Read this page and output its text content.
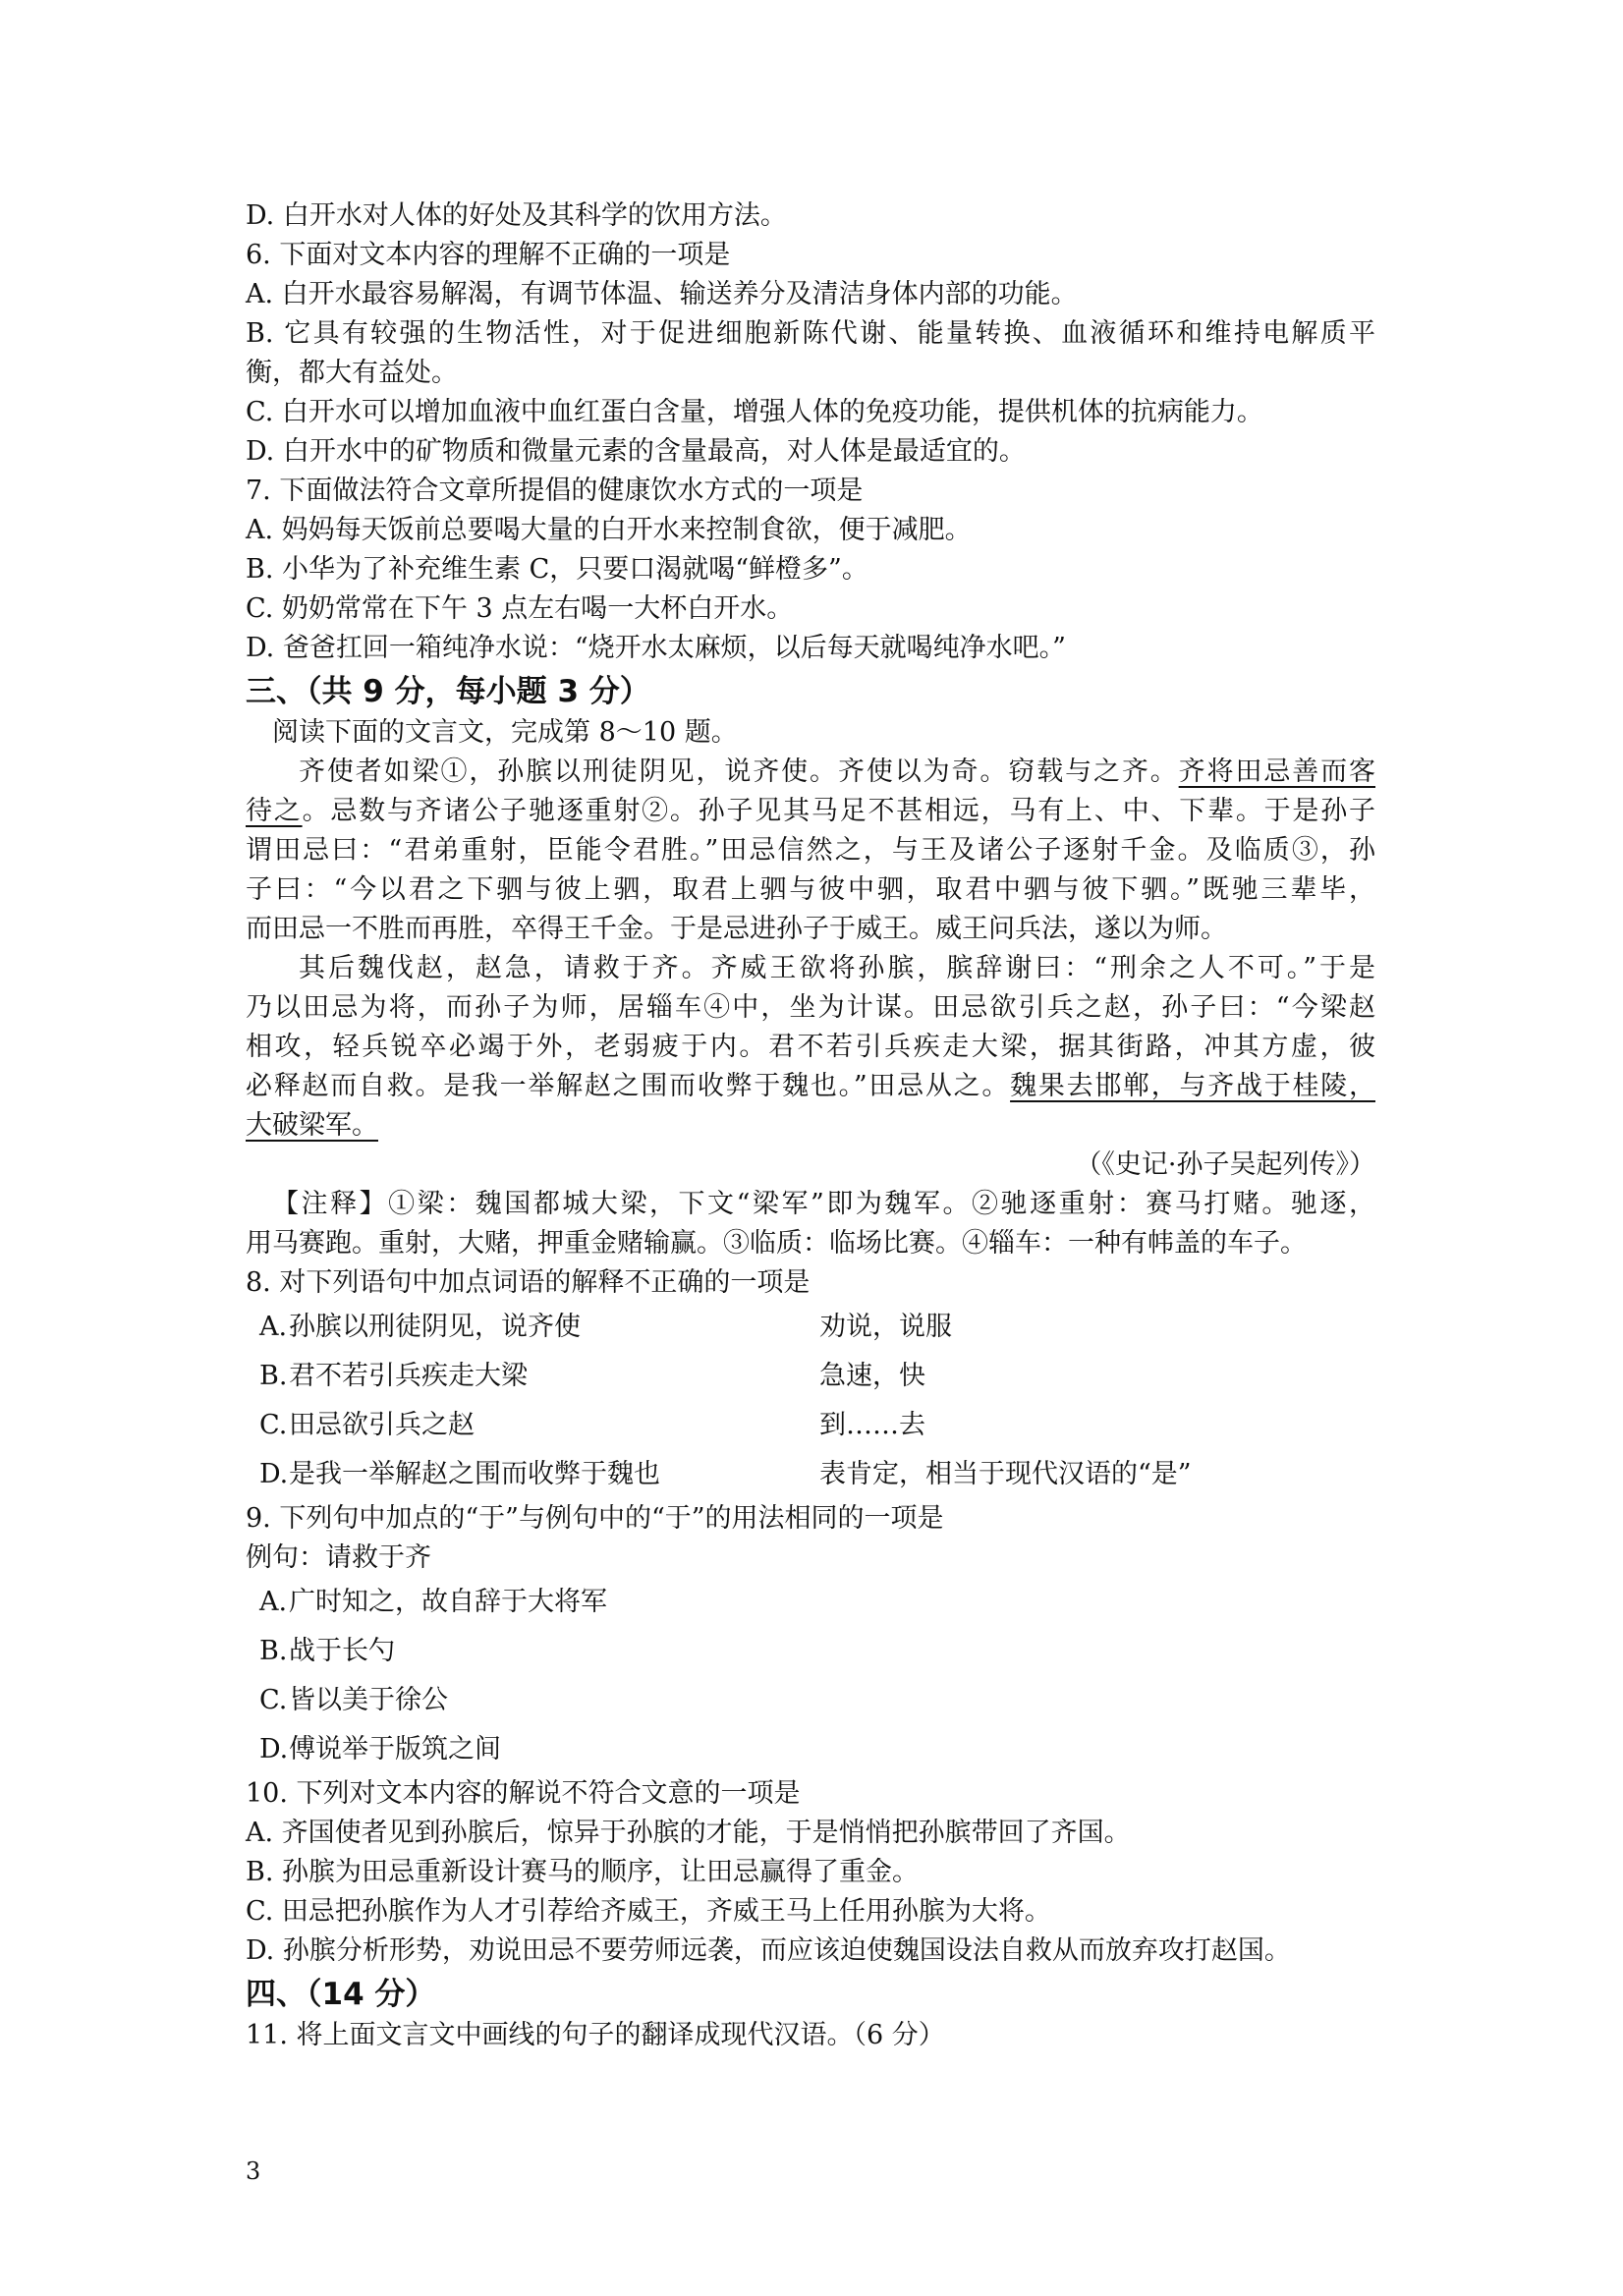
D. 白开水对人体的好处及其科学的饮用方法。
6. 下面对文本内容的理解不正确的一项是
A. 白开水最容易解渴，有调节体温、输送养分及清洁身体内部的功能。
B. 它具有较强的生物活性，对于促进细胞新陈代谢、能量转换、血液循环和维持电解质平
衡，都大有益处。
C. 白开水可以增加血液中血红蛋白含量，增强人体的免疫功能，提供机体的抗病能力。
D. 白开水中的矿物质和微量元素的含量最高，对人体是最适宜的。
7. 下面做法符合文章所提倡的健康饮水方式的一项是
A. 妈妈每天饭前总要喝大量的白开水来控制食欲，便于减肥。
B. 小华为了补充维生素 C，只要口渴就喝“鲜橙多”。
C. 奶奶常常在下午 3 点左右喝一大杯白开水。
D. 爸爸扛回一箱纯净水说：“烧开水太麻烦，以后每天就喝纯净水吧。”
三、（共 9 分，每小题 3 分）
阅读下面的文言文，完成第 8～10 题。
齐使者如梁①，孙膑以刑徒阴见，说齐使。齐使以为奇。窃载与之齐。齐将田忌善而客
待之。忌数与齐诸公子驰逐重射②。孙子见其马足不甚相远，马有上、中、下辈。于是孙子
谓田忌曰：“君弟重射，臣能令君胜。”田忌信然之，与王及诸公子逐射千金。及临质③，孙
子曰：“今以君之下驷与彼上驷，取君上驷与彼中驷，取君中驷与彼下驷。”既驰三辈毕，
而田忌一不胜而再胜，卒得王千金。于是忌进孙子于威王。威王问兵法，遂以为师。
其后魏伐赵，赵急，请救于齐。齐威王欲将孙膑，膑辞谢曰：“刑余之人不可。”于是
乃以田忌为将，而孙子为师，居辎车④中，坐为计谋。田忌欲引兵之赵，孙子曰：“今梁赵
相攻，轻兵锐卒必竭于外，老弱疲于内。君不若引兵疾走大梁，据其街路，冲其方虚，彼
必释赵而自救。是我一举解赵之围而收弊于魏也。”田忌从之。魏果去邯郸，与齐战于桂陵，
大破梁军。
（《史记·孙子吴起列传》）
【注释】①梁：魏国都城大梁，下文“梁军”即为魏军。②驰逐重射：赛马打赌。驰逐，
用马赛跑。重射，大赌，押重金赌输赢。③临质：临场比赛。④辎车：一种有帏盖的车子。
8. 对下列语句中加点词语的解释不正确的一项是
A. 孙膑以刑徒阴见，说齐使	劝说，说服
B. 君不若引兵疾走大梁	急速，快
C. 田忌欲引兵之赵	到……去
D. 是我一举解赵之围而收弊于魏也	表肯定，相当于现代汉语的“是”
9. 下列句中加点的“于”与例句中的“于”的用法相同的一项是
例句：请救于齐
A. 广时知之，故自辞于大将军
B. 战于长勺
C. 皆以美于徐公
D. 傅说举于版筑之间
10. 下列对文本内容的解说不符合文意的一项是
A. 齐国使者见到孙膑后，惊异于孙膑的才能，于是悄悄把孙膑带回了齐国。
B. 孙膑为田忌重新设计赛马的顺序，让田忌赢得了重金。
C. 田忌把孙膑作为人才引荐给齐威王，齐威王马上任用孙膑为大将。
D. 孙膑分析形势，劝说田忌不要劳师远袭，而应该迫使魏国设法自救从而放弃攻打赵国。
四、（14 分）
11. 将上面文言文中画线的句子的翻译成现代汉语。（6 分）
3
